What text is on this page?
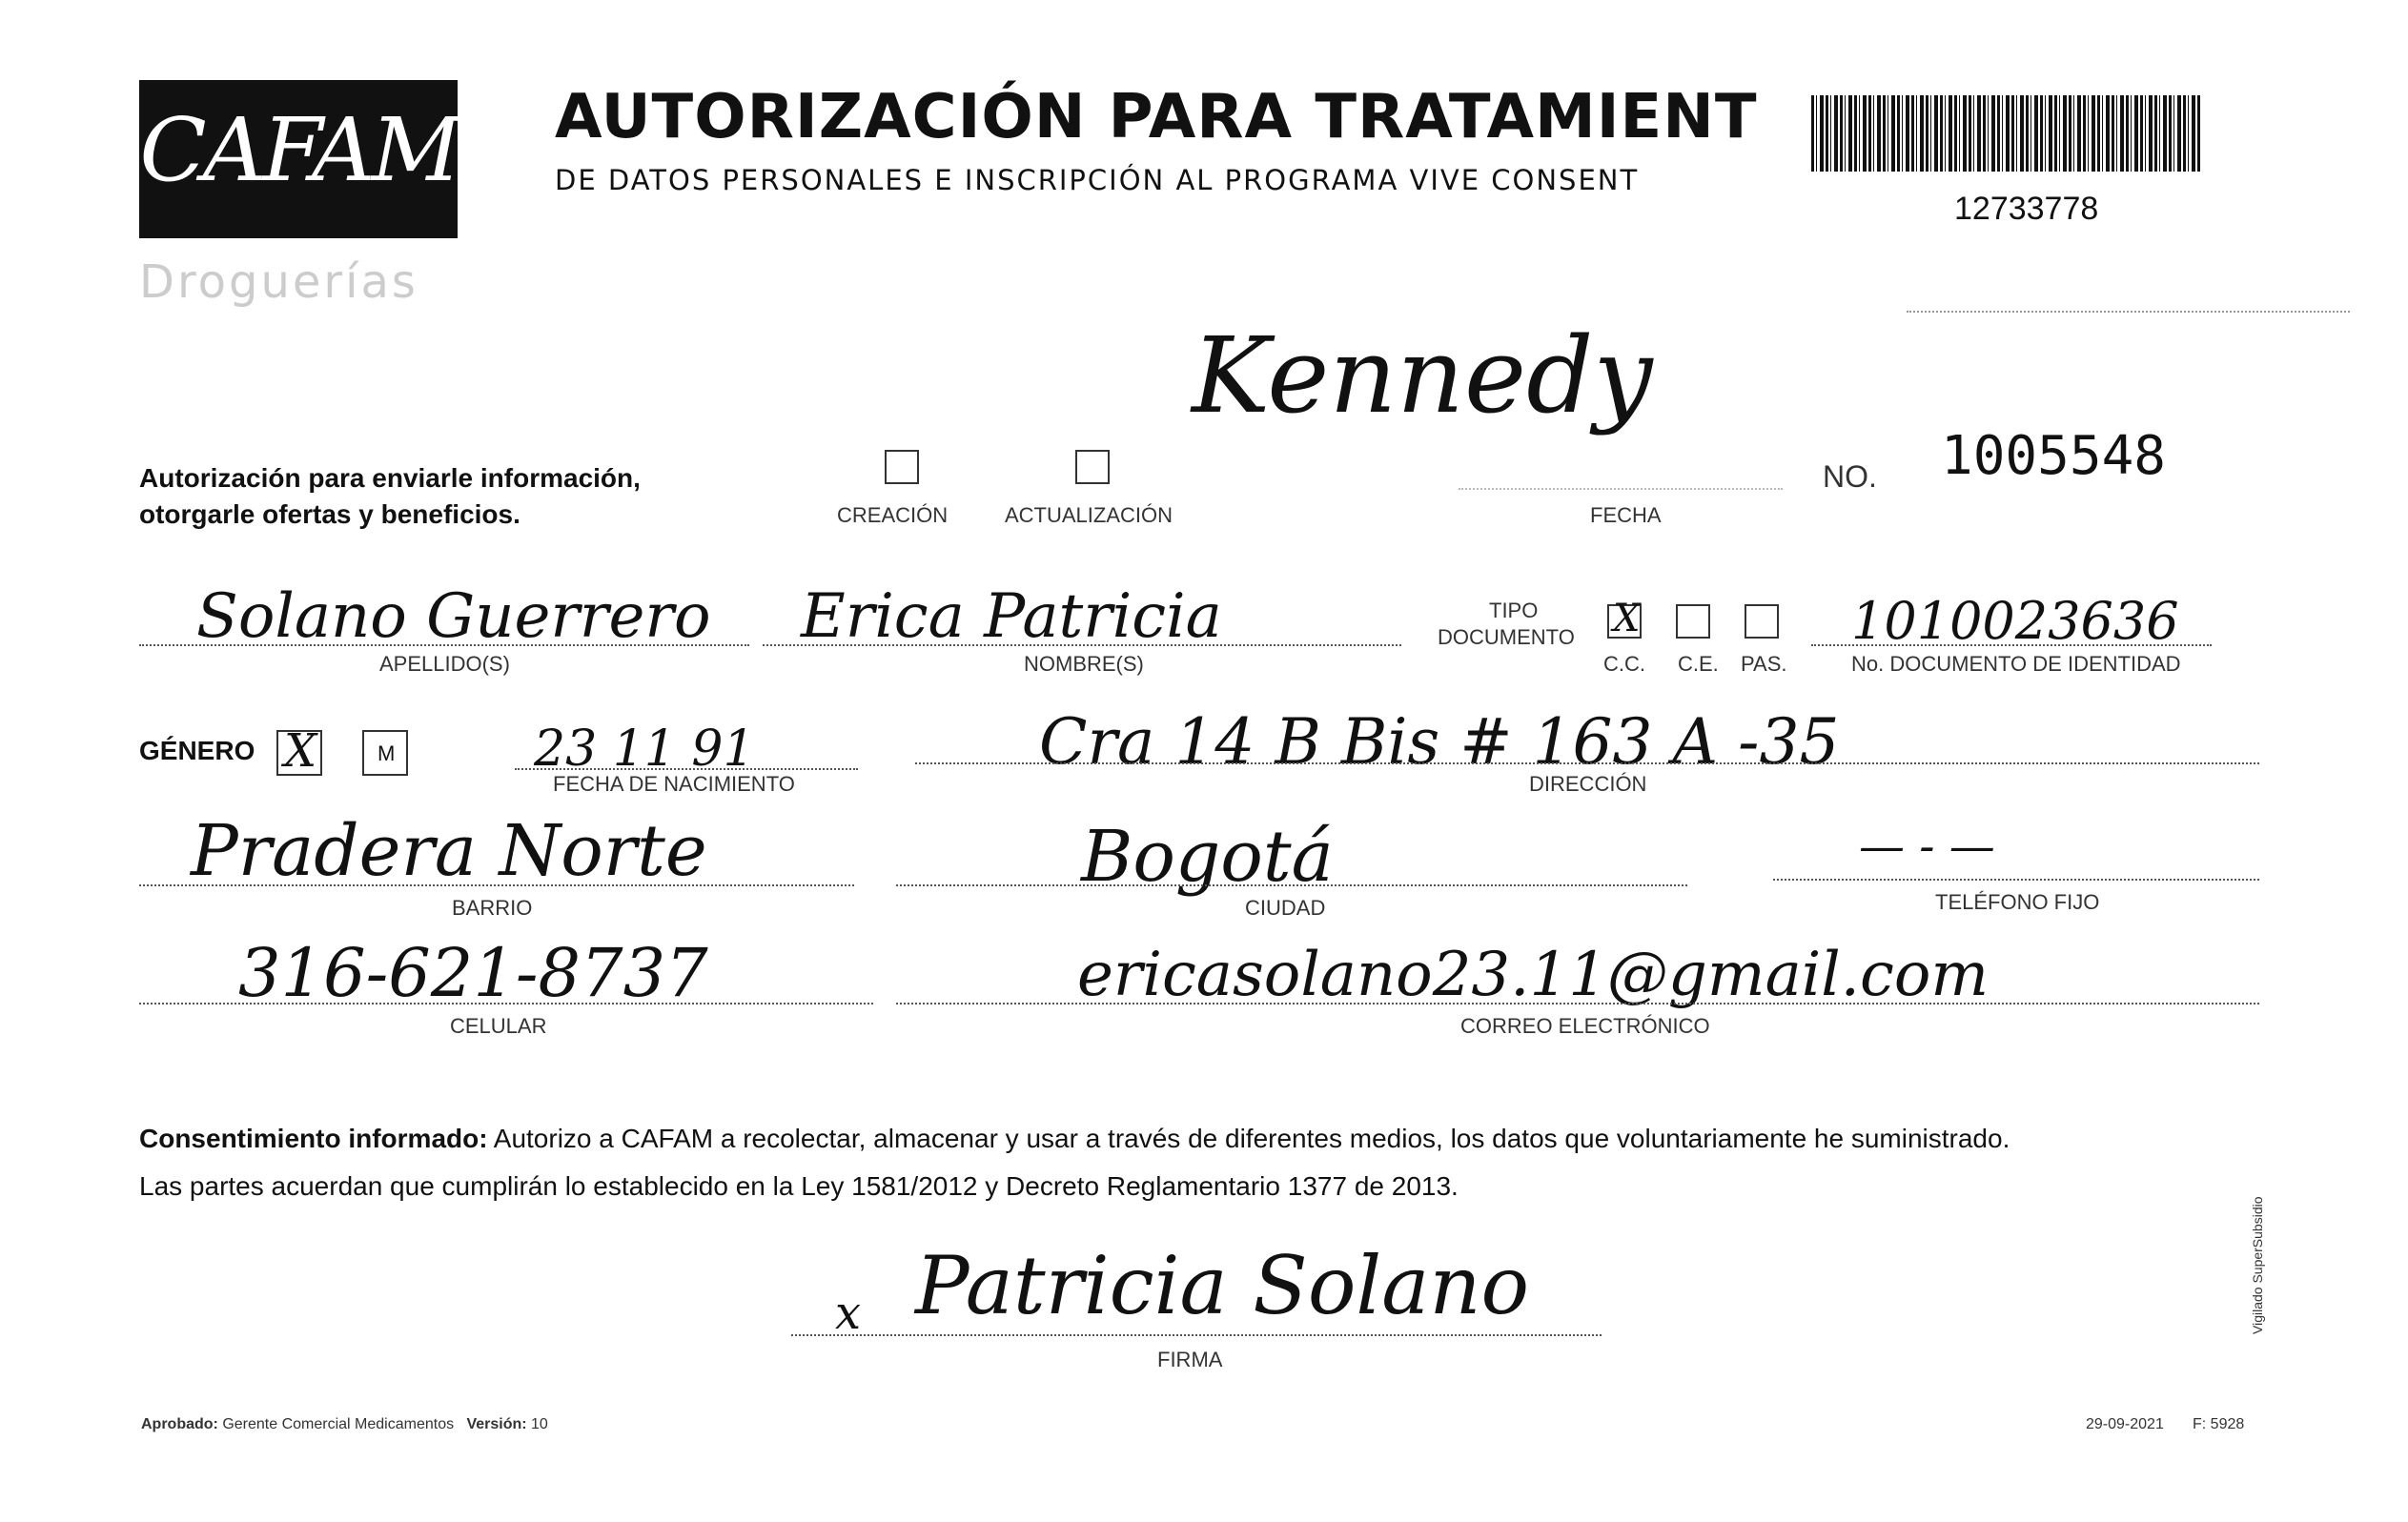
CAFAM
Droguerías
AUTORIZACIÓN PARA TRATAMIENT
DE DATOS PERSONALES E INSCRIPCIÓN AL PROGRAMA VIVE CONSENT
12733778
Kennedy
Autorización para enviarle información,
otorgarle ofertas y beneficios.	CREACIÓN	ACTUALIZACIÓN	FECHA
NO. 1005548
Solano Guerrero
APELLIDO(S)
Erica Patricia
NOMBRE(S)
TIPO
DOCUMENTO X
C.C. C.E. PAS.
1010023636
No. DOCUMENTO DE IDENTIDAD
GÉNERO X	M	23 11 91
FECHA DE NACIMIENTO
Cra 14 B Bis # 163 A -35
DIRECCIÓN
Pradera Norte
BARRIO
Bogotá
CIUDAD
— - —
TELÉFONO FIJO
316-621-8737
CELULAR
ericasolano23.11@gmail.com
CORREO ELECTRÓNICO
Consentimiento informado: Autorizo a CAFAM a recolectar, almacenar y usar a través de diferentes medios, los datos que voluntariamente he suministrado.
Las partes acuerdan que cumplirán lo establecido en la Ley 1581/2012 y Decreto Reglamentario 1377 de 2013.
x Patricia Solano
FIRMA
Aprobado: Gerente Comercial Medicamentos Versión: 10	29-09-2021 F: 5928
Vigilado SuperSubsidio
